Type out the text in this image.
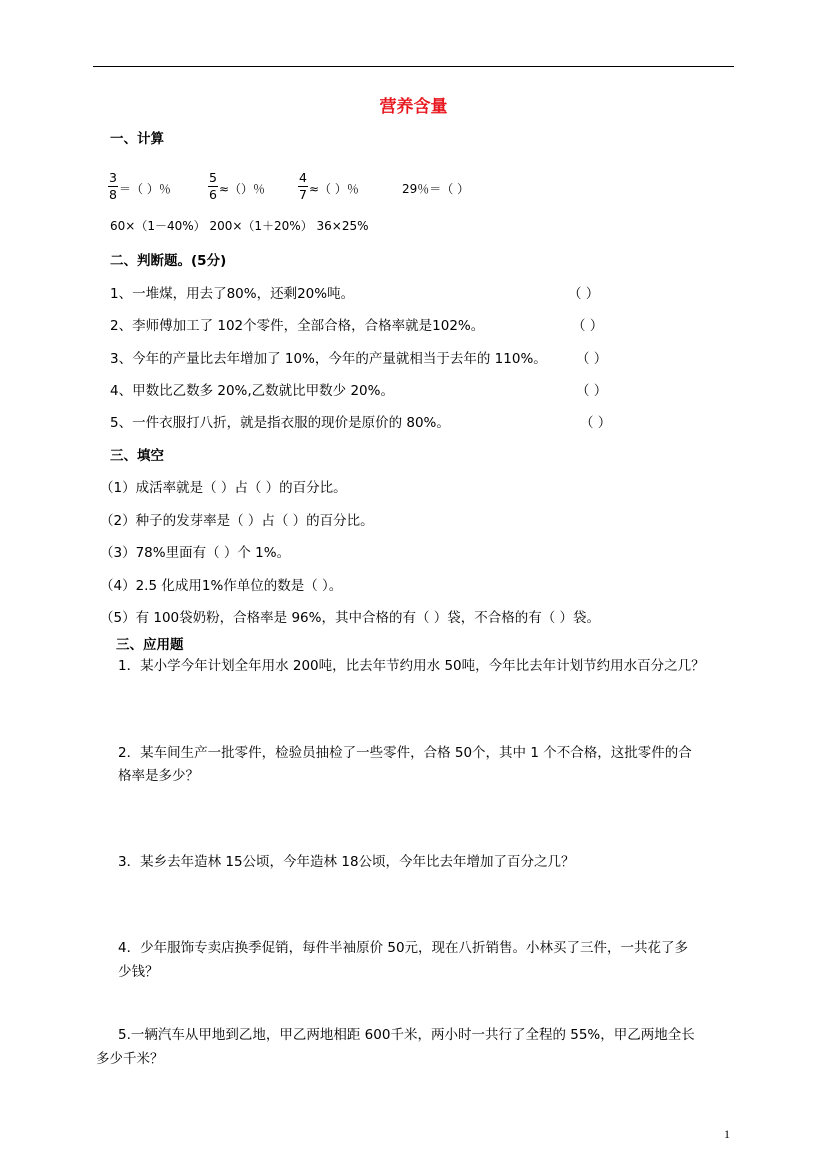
营养含量
一、计算
$\frac{3}{8}$ ＝（ ）％	$\frac{5}{6}$ ≈（）％	$\frac{4}{7}$ ≈（ ）％	29％＝（ ）
60×（1－40%） 200×（1＋20%） 36×25%
二、判断题。(5分)
1、一堆煤，用去了80%，还剩20%吨。	（ ）
2、李师傅加工了 102个零件，全部合格，合格率就是102%。	（ ）
3、今年的产量比去年增加了 10%，今年的产量就相当于去年的 110%。 （ ）
4、甲数比乙数多 20%,乙数就比甲数少 20%。	（ ）
5、一件衣服打八折，就是指衣服的现价是原价的 80%。	（ ）
三、填空
（1）成活率就是（ ）占（ ）的百分比。
（2）种子的发芽率是（ ）占（ ）的百分比。
（3）78%里面有（ ）个 1%。
（4）2.5 化成用1%作单位的数是（ ）。
（5）有 100袋奶粉，合格率是 96%，其中合格的有（ ）袋，不合格的有（ ）袋。
三、应用题
1．某小学今年计划全年用水 200吨，比去年节约用水 50吨，今年比去年计划节约用水百分之几？
2．某车间生产一批零件，检验员抽检了一些零件，合格 50个，其中 1 个不合格，这批零件的合
格率是多少？
3．某乡去年造林 15公顷，今年造林 18公顷，今年比去年增加了百分之几？
4．少年服饰专卖店换季促销，每件半袖原价 50元，现在八折销售。小林买了三件，一共花了多
少钱？
5.一辆汽车从甲地到乙地，甲乙两地相距 600千米，两小时一共行了全程的 55%，甲乙两地全长
多少千米？
1
